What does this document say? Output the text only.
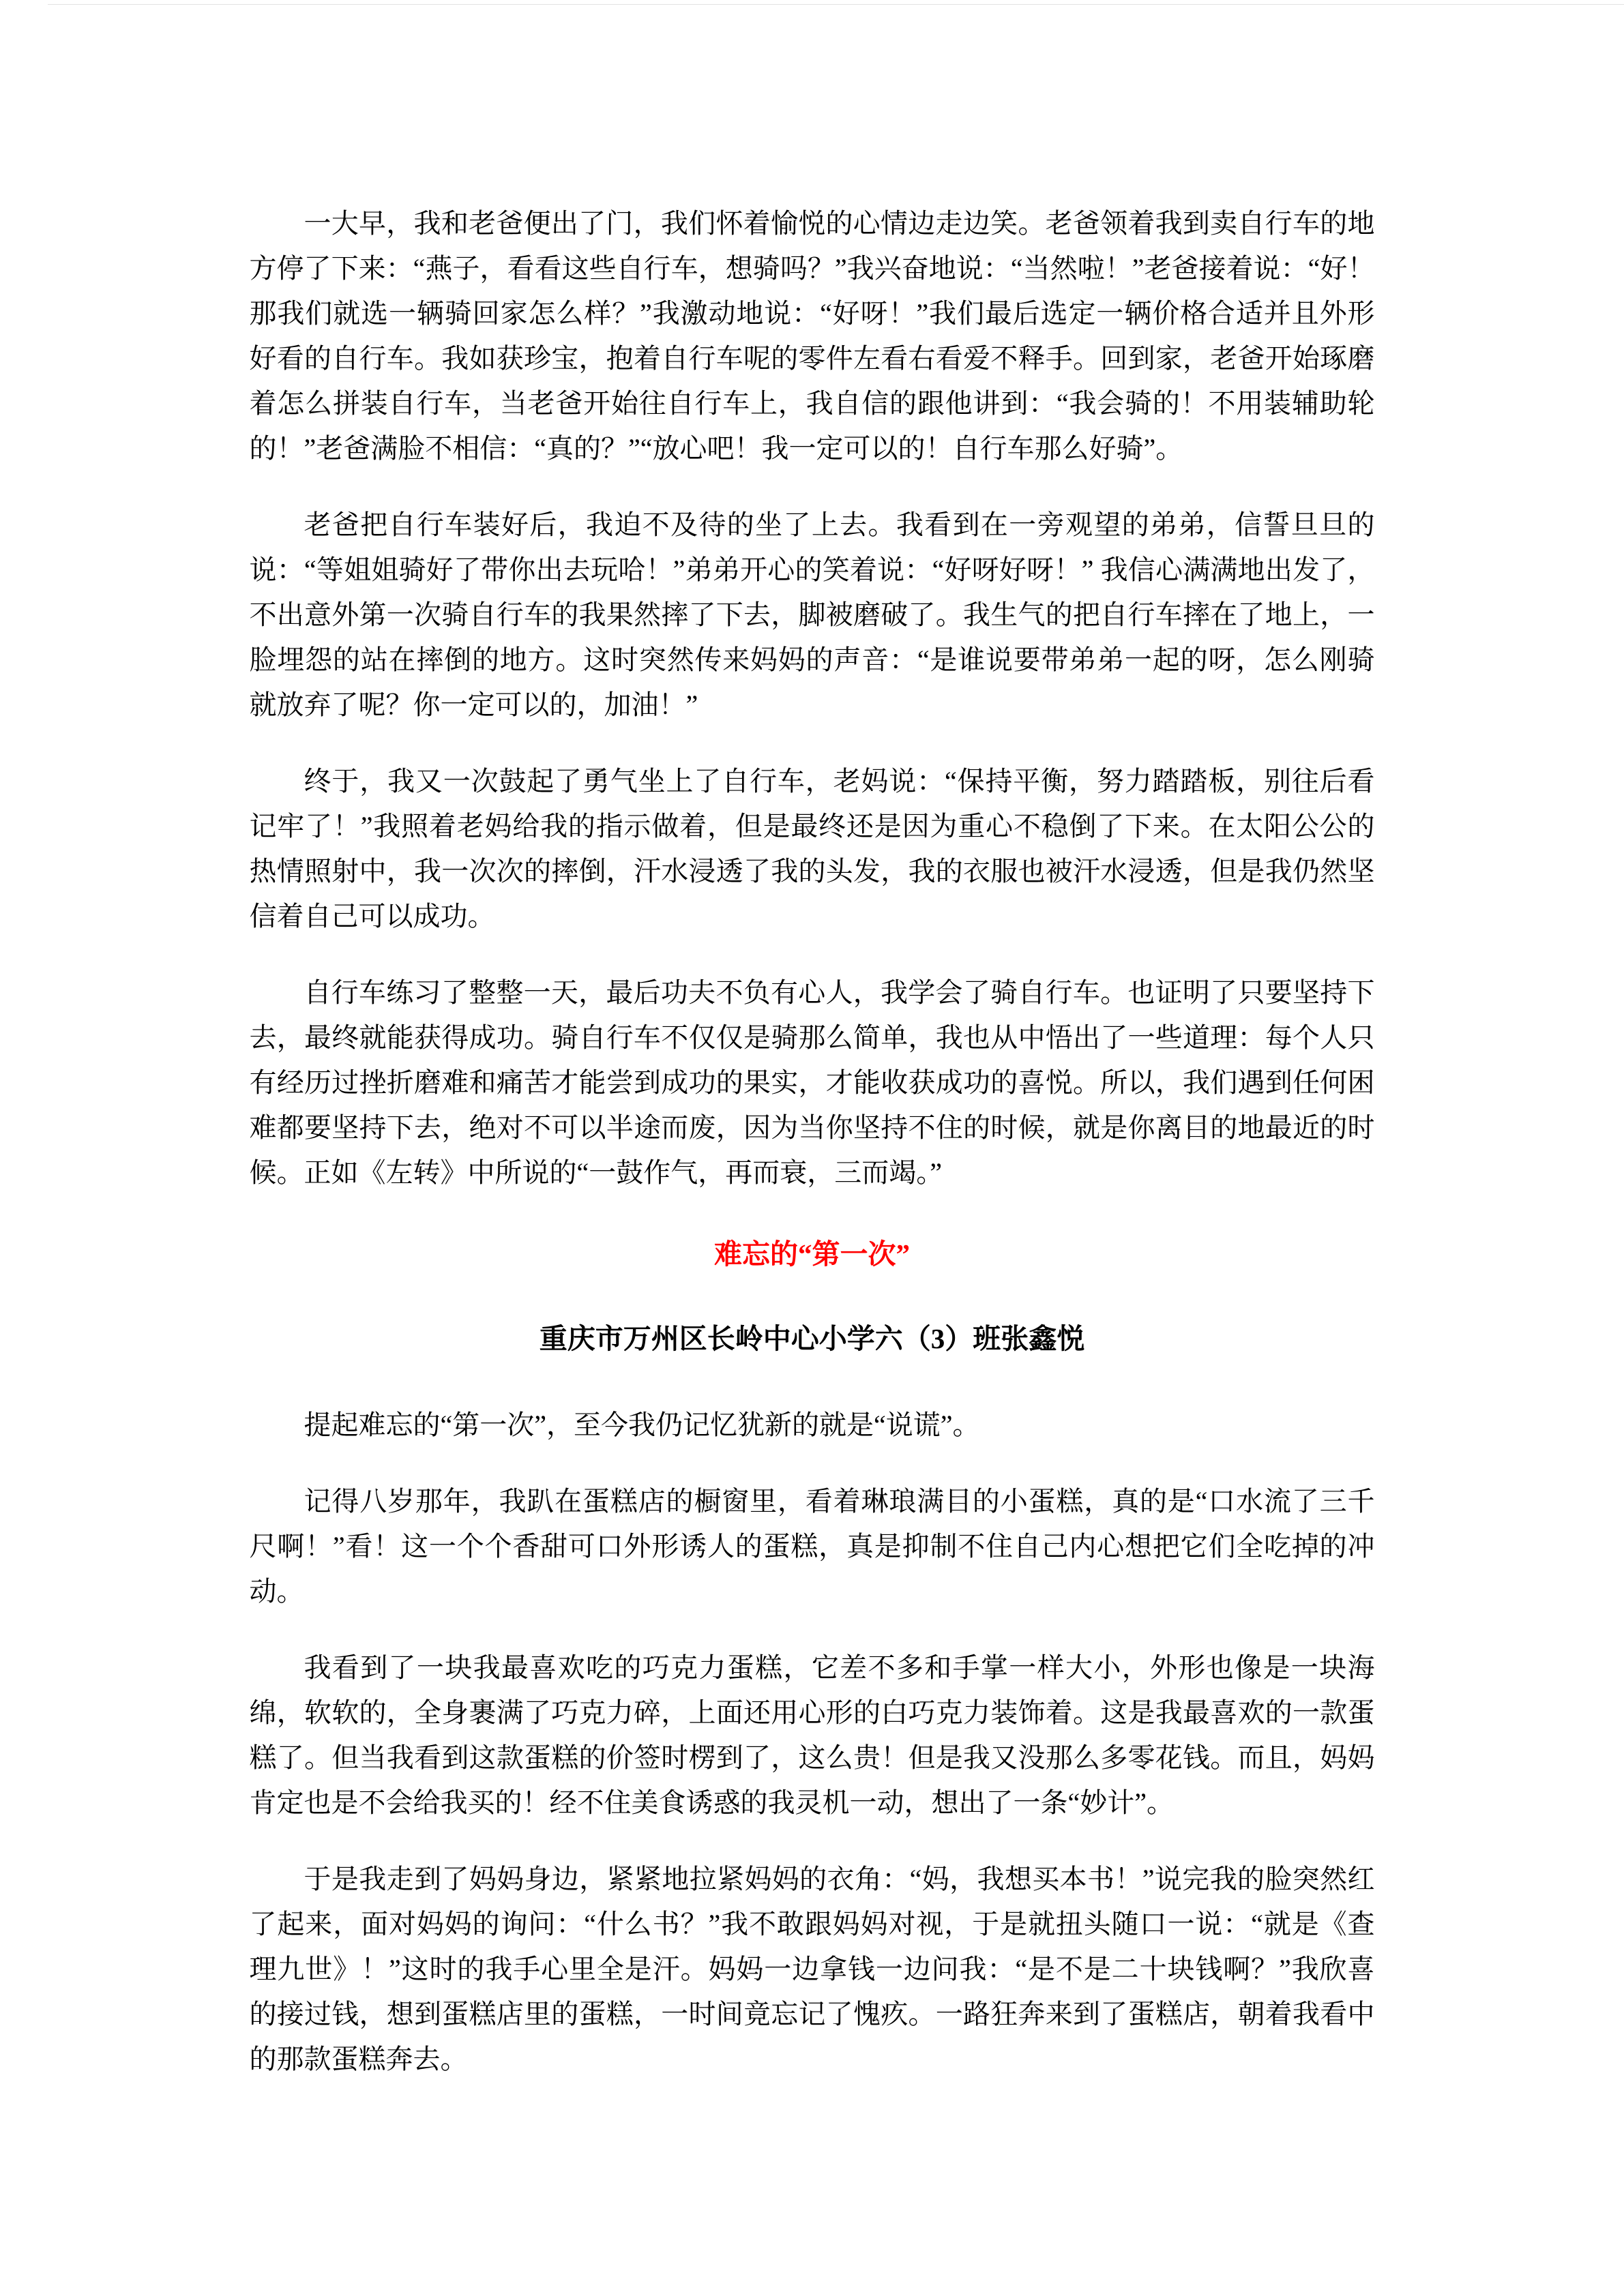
一大早，我和老爸便出了门，我们怀着愉悦的心情边走边笑。老爸领着我到卖自行车的地方停了下来：“燕子，看看这些自行车，想骑吗？”我兴奋地说：“当然啦！”老爸接着说：“好！那我们就选一辆骑回家怎么样？”我激动地说：“好呀！”我们最后选定一辆价格合适并且外形好看的自行车。我如获珍宝，抱着自行车呢的零件左看右看爱不释手。回到家，老爸开始琢磨着怎么拼装自行车，当老爸开始往自行车上，我自信的跟他讲到：“我会骑的！不用装辅助轮的！”老爸满脸不相信：“真的？”“放心吧！我一定可以的！自行车那么好骑”。

老爸把自行车装好后，我迫不及待的坐了上去。我看到在一旁观望的弟弟，信誓旦旦的说：“等姐姐骑好了带你出去玩哈！”弟弟开心的笑着说：“好呀好呀！” 我信心满满地出发了，不出意外第一次骑自行车的我果然摔了下去，脚被磨破了。我生气的把自行车摔在了地上，一脸埋怨的站在摔倒的地方。这时突然传来妈妈的声音：“是谁说要带弟弟一起的呀，怎么刚骑就放弃了呢？你一定可以的，加油！”

终于，我又一次鼓起了勇气坐上了自行车，老妈说：“保持平衡，努力踏踏板，别往后看记牢了！”我照着老妈给我的指示做着，但是最终还是因为重心不稳倒了下来。在太阳公公的热情照射中，我一次次的摔倒，汗水浸透了我的头发，我的衣服也被汗水浸透，但是我仍然坚信着自己可以成功。

自行车练习了整整一天，最后功夫不负有心人，我学会了骑自行车。也证明了只要坚持下去，最终就能获得成功。骑自行车不仅仅是骑那么简单，我也从中悟出了一些道理：每个人只有经历过挫折磨难和痛苦才能尝到成功的果实，才能收获成功的喜悦。所以，我们遇到任何困难都要坚持下去，绝对不可以半途而废，因为当你坚持不住的时候，就是你离目的地最近的时候。正如《左转》中所说的“一鼓作气，再而衰，三而竭。”

难忘的“第一次”

重庆市万州区长岭中心小学六（3）班张鑫悦

提起难忘的“第一次”，至今我仍记忆犹新的就是“说谎”。

记得八岁那年，我趴在蛋糕店的橱窗里，看着琳琅满目的小蛋糕，真的是“口水流了三千尺啊！”看！这一个个香甜可口外形诱人的蛋糕，真是抑制不住自己内心想把它们全吃掉的冲动。

我看到了一块我最喜欢吃的巧克力蛋糕，它差不多和手掌一样大小，外形也像是一块海绵，软软的，全身裹满了巧克力碎，上面还用心形的白巧克力装饰着。这是我最喜欢的一款蛋糕了。但当我看到这款蛋糕的价签时楞到了，这么贵！但是我又没那么多零花钱。而且，妈妈肯定也是不会给我买的！经不住美食诱惑的我灵机一动，想出了一条“妙计”。

于是我走到了妈妈身边，紧紧地拉紧妈妈的衣角：“妈，我想买本书！”说完我的脸突然红了起来，面对妈妈的询问：“什么书？”我不敢跟妈妈对视，于是就扭头随口一说：“就是《查理九世》！”这时的我手心里全是汗。妈妈一边拿钱一边问我：“是不是二十块钱啊？”我欣喜的接过钱，想到蛋糕店里的蛋糕，一时间竟忘记了愧疚。一路狂奔来到了蛋糕店，朝着我看中的那款蛋糕奔去。
